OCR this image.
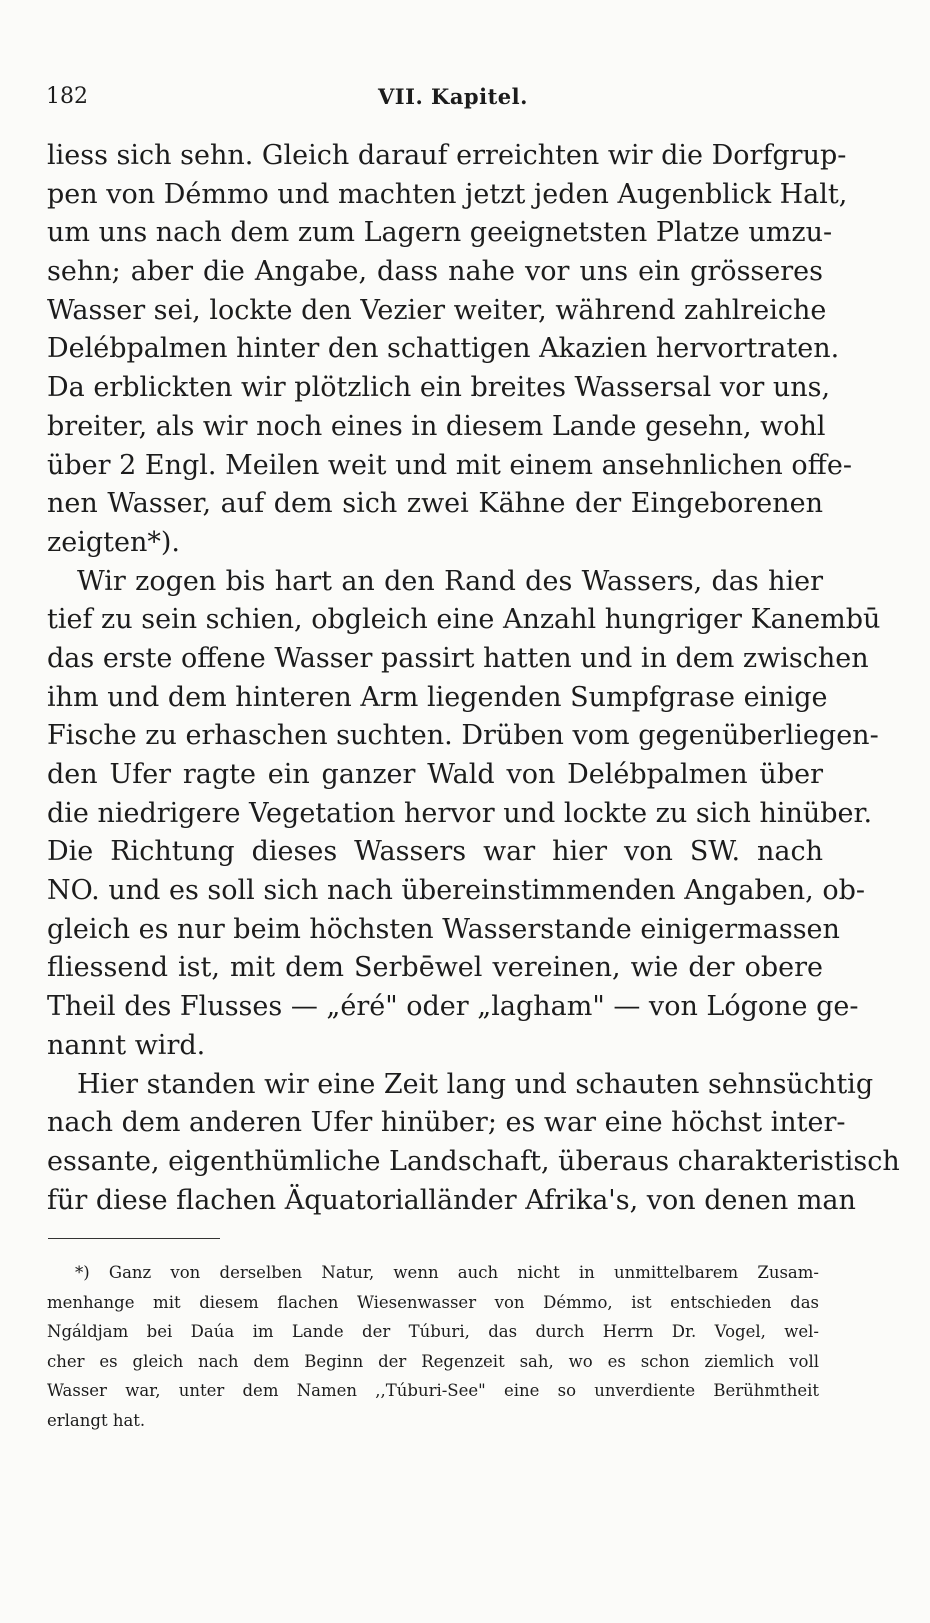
182	VII. Kapitel.
liess sich sehn. Gleich darauf erreichten wir die Dorfgrup-
pen von Démmo und machten jetzt jeden Augenblick Halt,
um uns nach dem zum Lagern geeignetsten Platze umzu-
sehn; aber die Angabe, dass nahe vor uns ein grösseres
Wasser sei, lockte den Vezier weiter, während zahlreiche
Delébpalmen hinter den schattigen Akazien hervortraten.
Da erblickten wir plötzlich ein breites Wassersal vor uns,
breiter, als wir noch eines in diesem Lande gesehn, wohl
über 2 Engl. Meilen weit und mit einem ansehnlichen offe-
nen Wasser, auf dem sich zwei Kähne der Eingeborenen
zeigten*).
Wir zogen bis hart an den Rand des Wassers, das hier
tief zu sein schien, obgleich eine Anzahl hungriger Kanembū
das erste offene Wasser passirt hatten und in dem zwischen
ihm und dem hinteren Arm liegenden Sumpfgrase einige
Fische zu erhaschen suchten. Drüben vom gegenüberliegen-
den Ufer ragte ein ganzer Wald von Delébpalmen über
die niedrigere Vegetation hervor und lockte zu sich hinüber.
Die Richtung dieses Wassers war hier von SW. nach
NO. und es soll sich nach übereinstimmenden Angaben, ob-
gleich es nur beim höchsten Wasserstande einigermassen
fliessend ist, mit dem Serbēwel vereinen, wie der obere
Theil des Flusses — „éré" oder „lagham" — von Lógone ge-
nannt wird.
Hier standen wir eine Zeit lang und schauten sehnsüchtig
nach dem anderen Ufer hinüber; es war eine höchst inter-
essante, eigenthümliche Landschaft, überaus charakteristisch
für diese flachen Äquatorialländer Afrika's, von denen man
*) Ganz von derselben Natur, wenn auch nicht in unmittelbarem Zusam-
menhange mit diesem flachen Wiesenwasser von Démmo, ist entschieden das
Ngáldjam bei Daúa im Lande der Túburi, das durch Herrn Dr. Vogel, wel-
cher es gleich nach dem Beginn der Regenzeit sah, wo es schon ziemlich voll
Wasser war, unter dem Namen ,,Túburi-See" eine so unverdiente Berühmtheit
erlangt hat.
